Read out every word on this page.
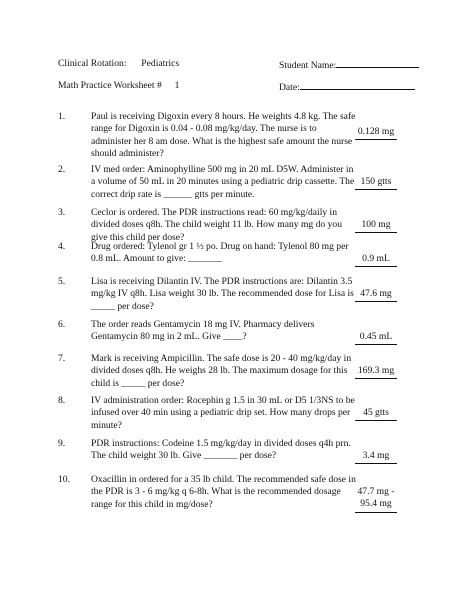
Clinical Rotation: Pediatrics	Student Name:
Math Practice Worksheet # 1	Date:
1.	Paul is receiving Digoxin every 8 hours. He weights 4.8 kg. The safe range for Digoxin is 0.04 - 0.08 mg/kg/day. The nurse is to administer her 8 am dose. What is the highest safe amount the nurse should administer?
0.128 mg
2.	IV med order: Aminophylline 500 mg in 20 mL D5W. Administer in a volume of 50 mL in 20 minutes using a pediatric drip cassette. The correct drip rate is ______ gtts per minute.
150 gtts
3.	Ceclor is ordered. The PDR instructions read: 60 mg/kg/daily in divided doses q8h. The child weight 11 lb. How many mg do you give this child per dose?
100 mg
4.	Drug ordered: Tylenol gr 1 ½ po. Drug on hand: Tylenol 80 mg per 0.8 mL. Amount to give: _______	0.9 mL
5.	Lisa is receiving Dilantin IV. The PDR instructions are: Dilantin 3.5 mg/kg IV q8h. Lisa weight 30 lb. The recommended dose for Lisa is _____ per dose?
47.6 mg
6.	The order reads Gentamycin 18 mg IV. Pharmacy delivers Gentamycin 80 mg in 2 mL. Give ____?	0.45 mL
7.	Mark is receiving Ampicillin. The safe dose is 20 - 40 mg/kg/day in divided doses q8h. He weighs 28 lb. The maximum dosage for this child is _____ per dose?
169.3 mg
8.	IV administration order: Rocephin g 1.5 in 30 mL or D5 1/3NS to be infused over 40 min using a pediatric drip set. How many drops per minute?
45 gtts
9.	PDR instructions: Codeine 1.5 mg/kg/day in divided doses q4h prn. The child weight 30 lb. Give _______ per dose?	3.4 mg
10. Oxacillin in ordered for a 35 lb child. The recommended safe dose in the PDR is 3 - 6 mg/kg q 6-8h. What is the recommended dosage range for this child in mg/dose?
47.7 mg -
95.4 mg
